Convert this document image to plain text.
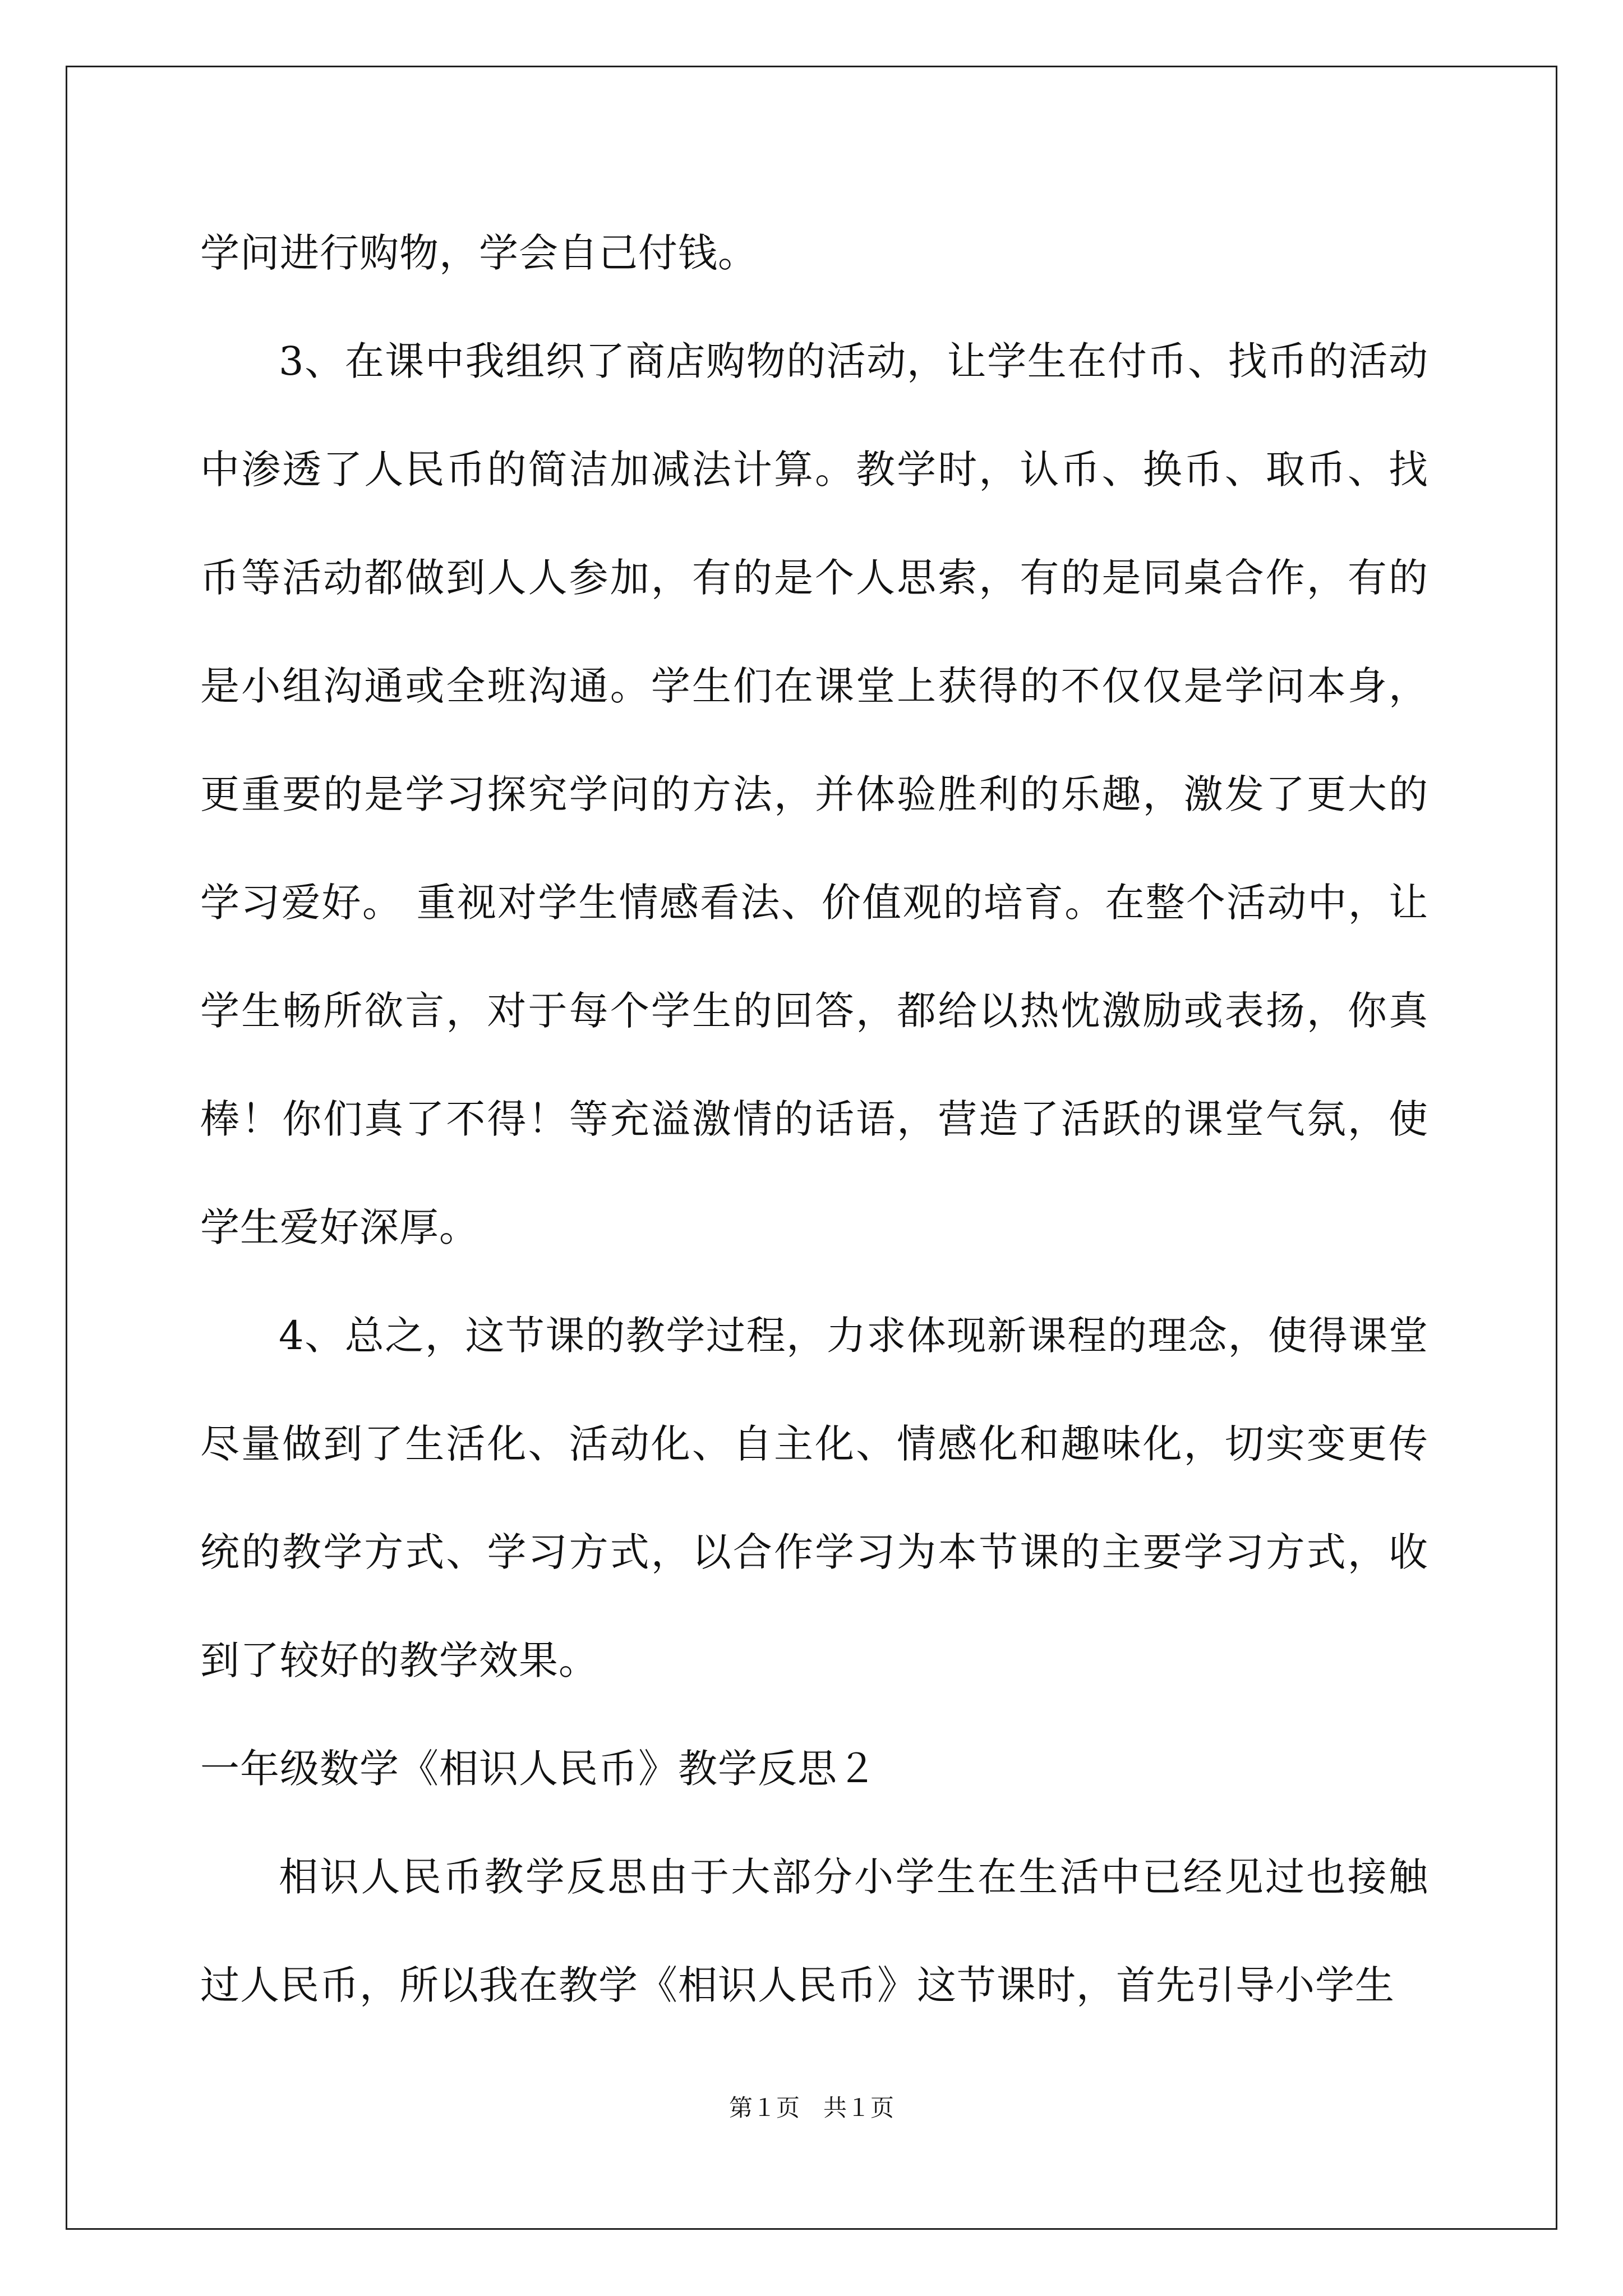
学问进行购物，学会自己付钱。

3、在课中我组织了商店购物的活动，让学生在付币、找币的活动中渗透了人民币的简洁加减法计算。教学时，认币、换币、取币、找币等活动都做到人人参加，有的是个人思索，有的是同桌合作，有的是小组沟通或全班沟通。学生们在课堂上获得的不仅仅是学问本身，更重要的是学习探究学问的方法，并体验胜利的乐趣，激发了更大的学习爱好。 重视对学生情感看法、价值观的培育。在整个活动中，让学生畅所欲言，对于每个学生的回答，都给以热忱激励或表扬，你真棒！你们真了不得！等充溢激情的话语，营造了活跃的课堂气氛，使学生爱好深厚。

4、总之，这节课的教学过程，力求体现新课程的理念，使得课堂尽量做到了生活化、活动化、自主化、情感化和趣味化，切实变更传统的教学方式、学习方式，以合作学习为本节课的主要学习方式，收到了较好的教学效果。

一年级数学《相识人民币》教学反思２

相识人民币教学反思由于大部分小学生在生活中已经见过也接触过人民币，所以我在教学《相识人民币》这节课时，首先引导小学生

第１页　共１页
